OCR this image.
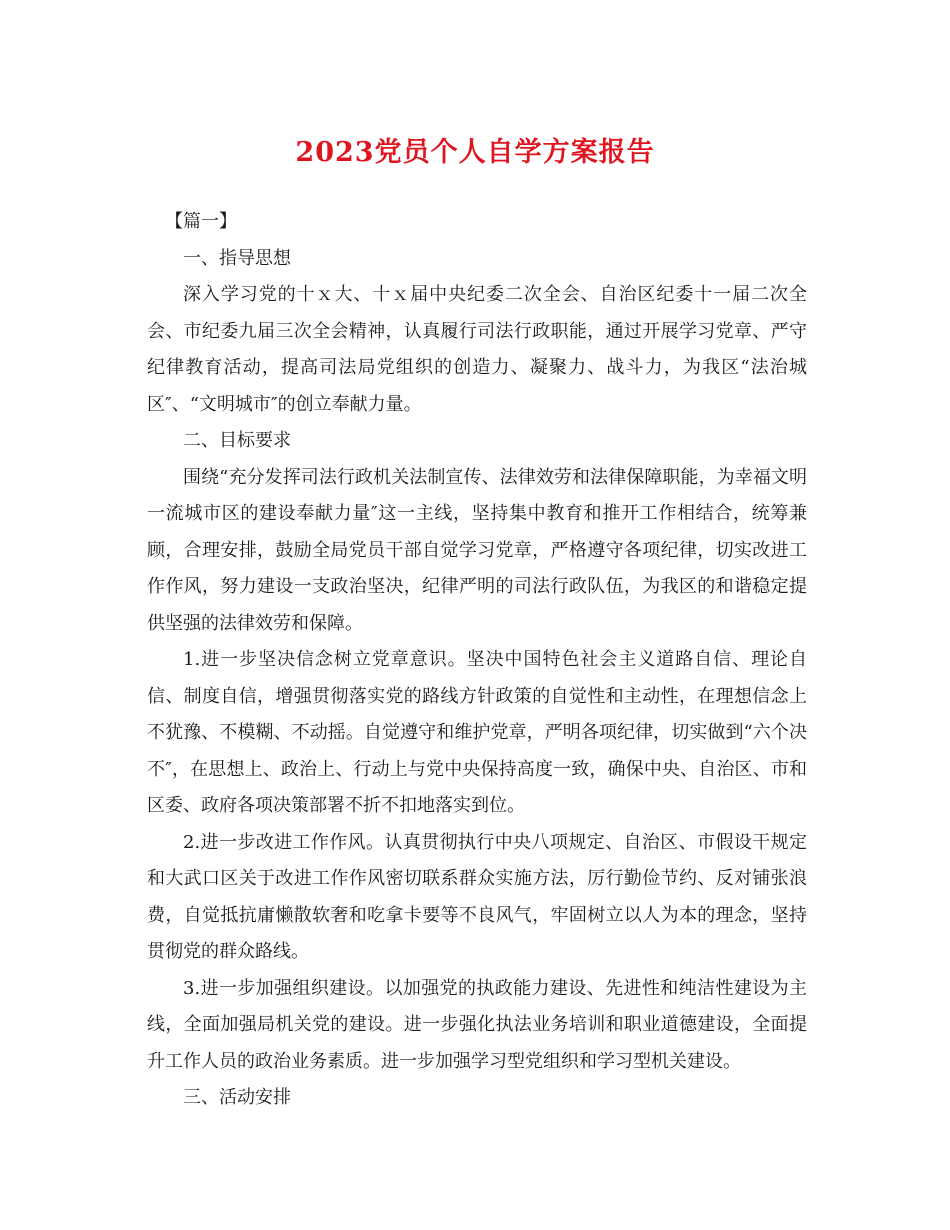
2023党员个人自学方案报告

【篇一】

一、指导思想

深入学习党的十ｘ大、十ｘ届中央纪委二次全会、自治区纪委十一届二次全会、市纪委九届三次全会精神，认真履行司法行政职能，通过开展学习党章、严守纪律教育活动，提高司法局党组织的创造力、凝聚力、战斗力，为我区“法治城区″、“文明城市″的创立奉献力量。

二、目标要求

围绕“充分发挥司法行政机关法制宣传、法律效劳和法律保障职能，为幸福文明一流城市区的建设奉献力量″这一主线，坚持集中教育和推开工作相结合，统筹兼顾，合理安排，鼓励全局党员干部自觉学习党章，严格遵守各项纪律，切实改进工作作风，努力建设一支政治坚决，纪律严明的司法行政队伍，为我区的和谐稳定提供坚强的法律效劳和保障。

1.进一步坚决信念树立党章意识。坚决中国特色社会主义道路自信、理论自信、制度自信，增强贯彻落实党的路线方针政策的自觉性和主动性，在理想信念上不犹豫、不模糊、不动摇。自觉遵守和维护党章，严明各项纪律，切实做到“六个决不″，在思想上、政治上、行动上与党中央保持高度一致，确保中央、自治区、市和区委、政府各项决策部署不折不扣地落实到位。

2.进一步改进工作作风。认真贯彻执行中央八项规定、自治区、市假设干规定和大武口区关于改进工作作风密切联系群众实施方法，厉行勤俭节约、反对铺张浪费，自觉抵抗庸懒散软奢和吃拿卡要等不良风气，牢固树立以人为本的理念，坚持贯彻党的群众路线。

3.进一步加强组织建设。以加强党的执政能力建设、先进性和纯洁性建设为主线，全面加强局机关党的建设。进一步强化执法业务培训和职业道德建设，全面提升工作人员的政治业务素质。进一步加强学习型党组织和学习型机关建设。

三、活动安排
